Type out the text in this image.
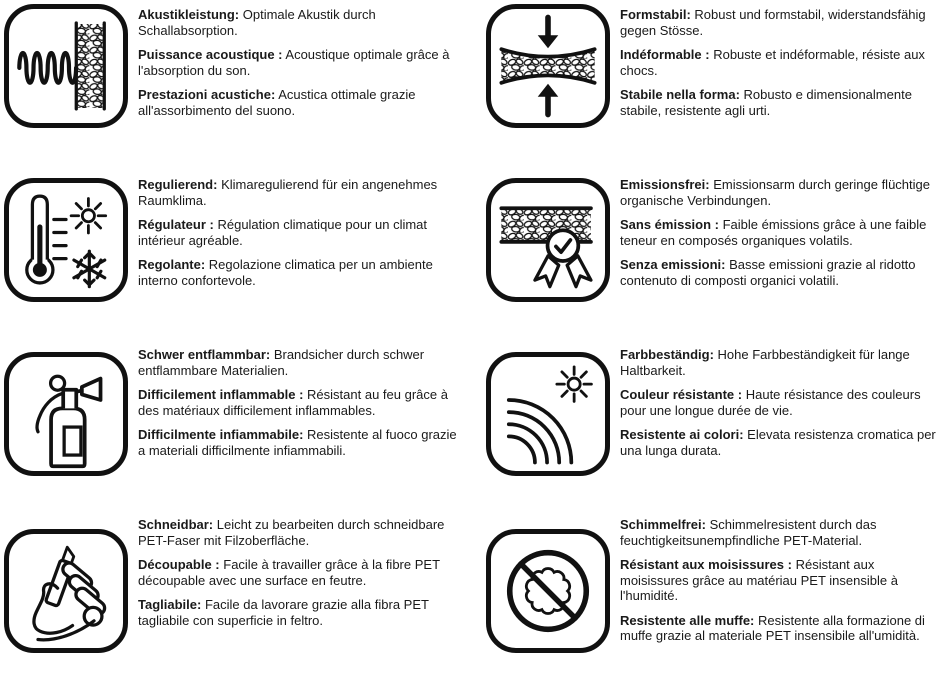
Akustikleistung: Optimale Akustik durch Schallabsorption.

Puissance acoustique : Acoustique optimale grâce à l'absorption du son.

Prestazioni acustiche: Acustica ottimale grazie all'assorbimento del suono.

Formstabil: Robust und formstabil, widerstandsfähig gegen Stösse.

Indéformable : Robuste et indéformable, résiste aux chocs.

Stabile nella forma: Robusto e dimensionalmente stabile, resistente agli urti.

Regulierend: Klimaregulierend für ein angenehmes Raumklima.

Régulateur : Régulation climatique pour un climat intérieur agréable.

Regolante: Regolazione climatica per un ambiente interno confortevole.

Emissionsfrei: Emissionsarm durch geringe flüchtige organische Verbindungen.

Sans émission : Faible émissions grâce à une faible teneur en composés organiques volatils.

Senza emissioni: Basse emissioni grazie al ridotto contenuto di composti organici volatili.

Schwer entflammbar: Brandsicher durch schwer entflammbare Materialien.

Difficilement inflammable : Résistant au feu grâce à des matériaux difficilement inflammables.

Difficilmente infiammabile: Resistente al fuoco grazie a materiali difficilmente infiammabili.

Farbbeständig: Hohe Farbbeständigkeit für lange Haltbarkeit.

Couleur résistante : Haute résistance des couleurs pour une longue durée de vie.

Resistente ai colori: Elevata resistenza cromatica per una lunga durata.

Schneidbar: Leicht zu bearbeiten durch schneidbare PET-Faser mit Filzoberfläche.

Découpable : Facile à travailler grâce à la fibre PET découpable avec une surface en feutre.

Tagliabile: Facile da lavorare grazie alla fibra PET tagliabile con superficie in feltro.

Schimmelfrei: Schimmelresistent durch das feuchtigkeitsunempfindliche PET-Material.

Résistant aux moisissures : Résistant aux moisissures grâce au matériau PET insensible à l'humidité.

Resistente alle muffe: Resistente alla formazione di muffe grazie al materiale PET insensibile all'umidità.
